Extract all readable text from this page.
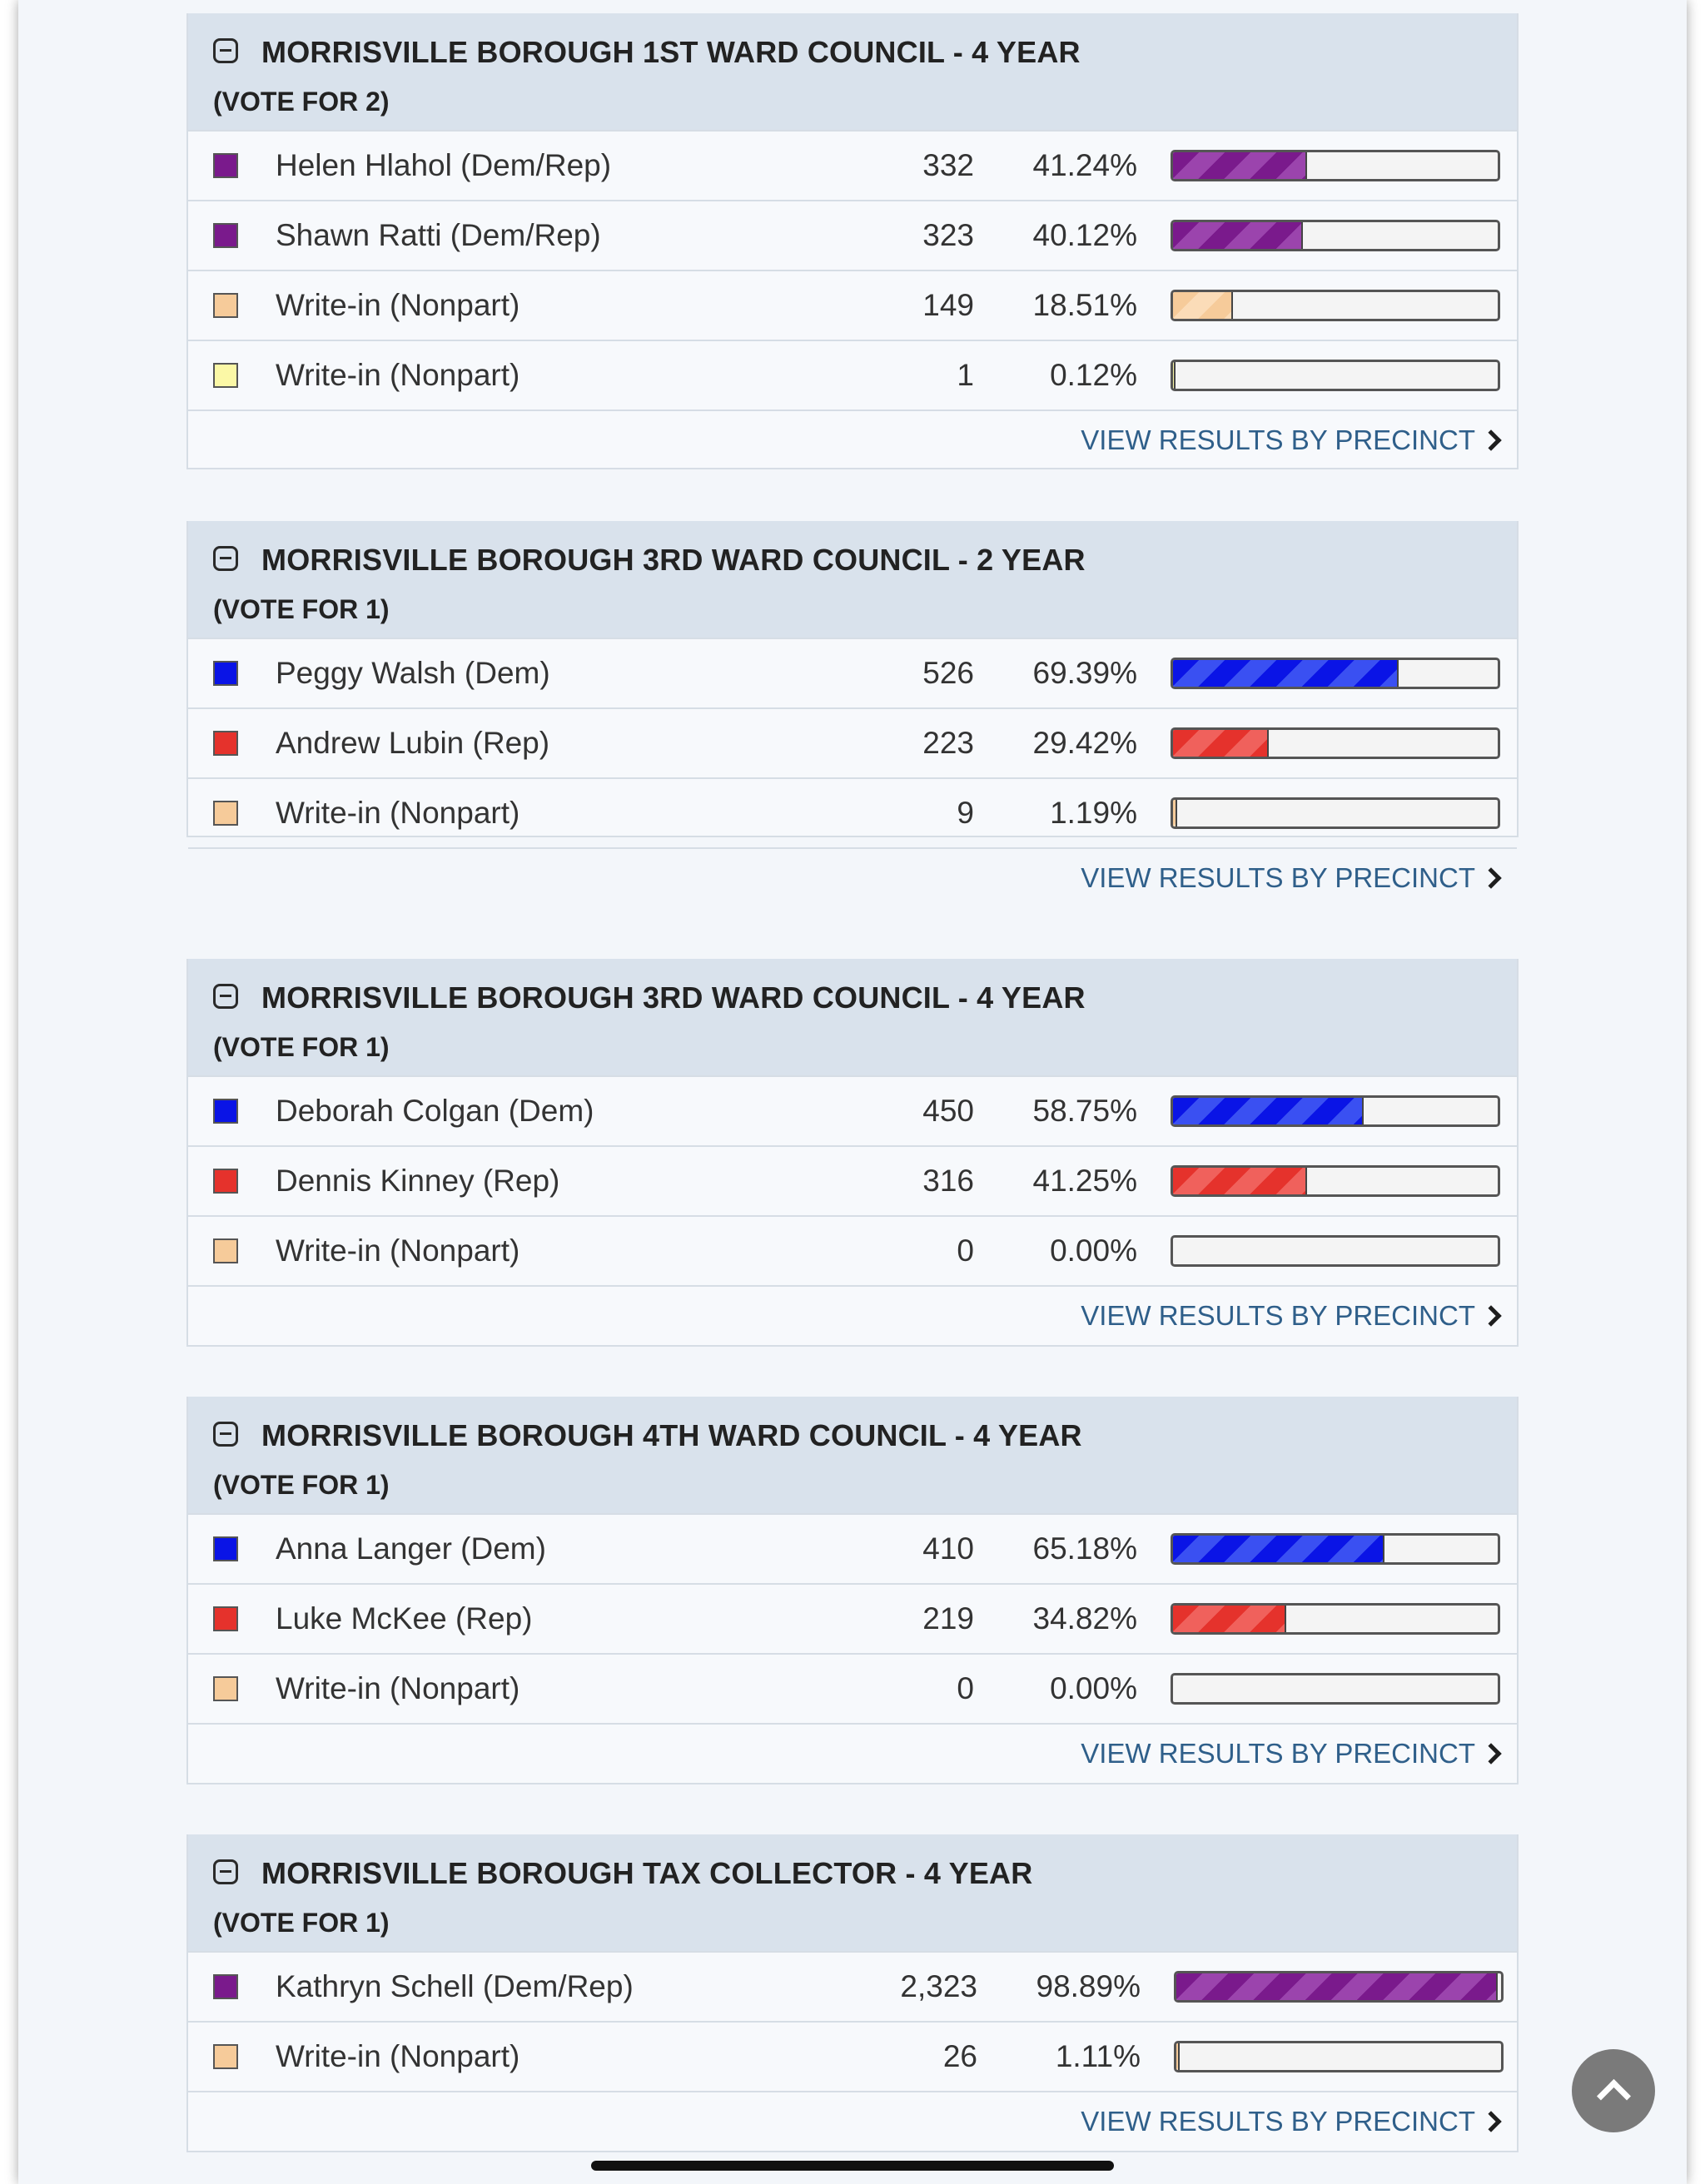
MORRISVILLE BOROUGH 1ST WARD COUNCIL - 4 YEAR
(VOTE FOR 2)
Helen Hlahol (Dem/Rep)	332 41.24%
Shawn Ratti (Dem/Rep)	323 40.12%
Write-in (Nonpart)	149 18.51%
Write-in (Nonpart)	1 0.12%
VIEW RESULTS BY PRECINCT
MORRISVILLE BOROUGH 3RD WARD COUNCIL - 2 YEAR
(VOTE FOR 1)
Peggy Walsh (Dem)	526 69.39%
Andrew Lubin (Rep)	223 29.42%
Write-in (Nonpart)	9 1.19%
VIEW RESULTS BY PRECINCT
MORRISVILLE BOROUGH 3RD WARD COUNCIL - 4 YEAR
(VOTE FOR 1)
Deborah Colgan (Dem)	450 58.75%
Dennis Kinney (Rep)	316 41.25%
Write-in (Nonpart)	0 0.00%
VIEW RESULTS BY PRECINCT
MORRISVILLE BOROUGH 4TH WARD COUNCIL - 4 YEAR
(VOTE FOR 1)
Anna Langer (Dem)	410 65.18%
Luke McKee (Rep)	219 34.82%
Write-in (Nonpart)	0 0.00%
VIEW RESULTS BY PRECINCT
MORRISVILLE BOROUGH TAX COLLECTOR - 4 YEAR
(VOTE FOR 1)
Kathryn Schell (Dem/Rep)	2,323 98.89%
Write-in (Nonpart)	26	1.11%
VIEW RESULTS BY PRECINCT
